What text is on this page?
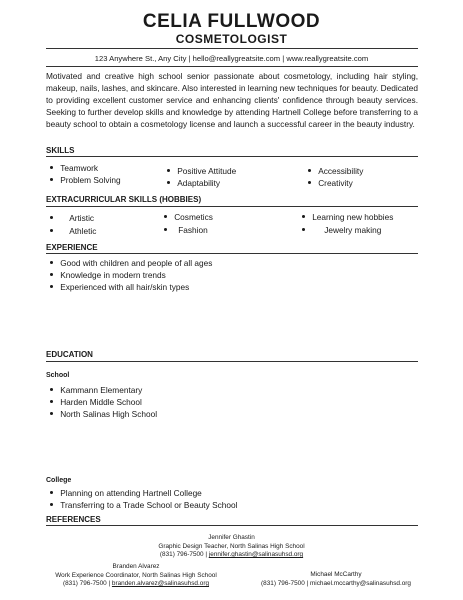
CELIA FULLWOOD
COSMETOLOGIST
123 Anywhere St., Any City | hello@reallygreatsite.com | www.reallygreatsite.com
Motivated and creative high school senior passionate about cosmetology, including hair styling, makeup, nails, lashes, and skincare. Also interested in learning new techniques for beauty. Dedicated to providing excellent customer service and enhancing clients' confidence through beauty services. Seeking to further develop skills and knowledge by attending Hartnell College before transferring to a beauty school to obtain a cosmetology license and launch a successful career in the beauty industry.
SKILLS
Teamwork
Problem Solving
Positive Attitude
Adaptability
Accessibility
Creativity
EXTRACURRICULAR SKILLS (HOBBIES)
Artistic
Athletic
Cosmetics
Fashion
Learning new hobbies
Jewelry making
EXPERIENCE
Good with children and people of all ages
Knowledge in modern trends
Experienced with all hair/skin types
EDUCATION
School
Kammann Elementary
Harden Middle School
North Salinas High School
College
Planning on attending Hartnell College
Transferring to a Trade School or Beauty School
REFERENCES
Jennifer Ghastin
Graphic Design Teacher, North Salinas High School
(831) 796-7500 | jennifer.ghastin@salinasuhsd.org
Branden Alvarez
Work Experience Coordinator, North Salinas High School
(831) 796-7500 | branden.alvarez@salinasuhsd.org
Michael McCarthy
(831) 796-7500 | michael.mccarthy@salinasuhsd.org
